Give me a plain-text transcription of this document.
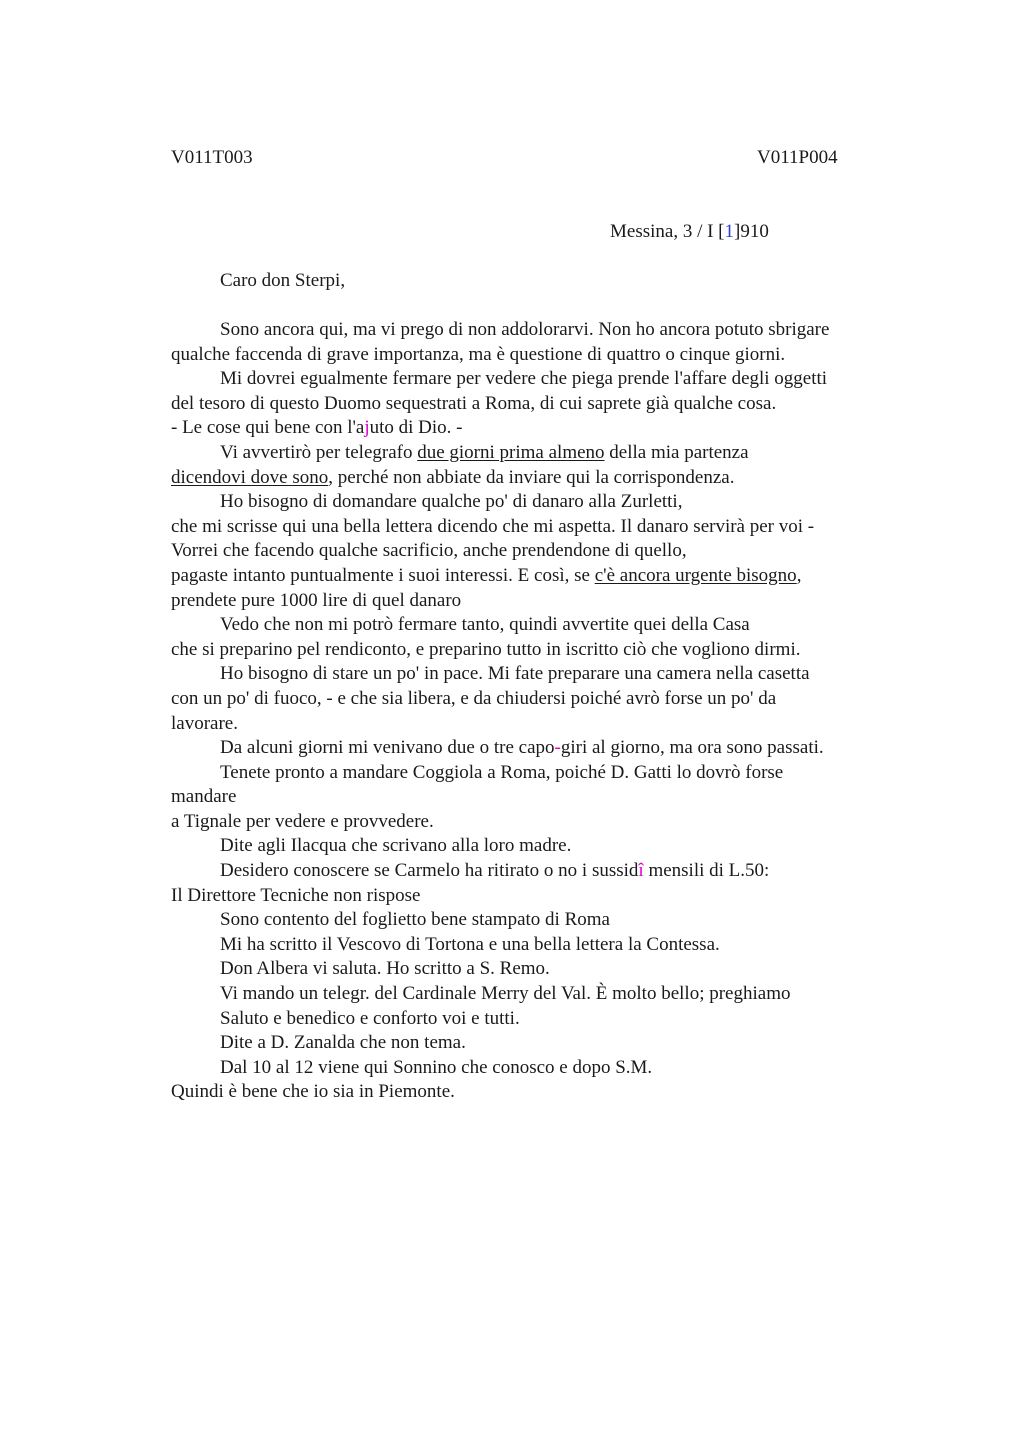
V011T003	V011P004
Messina, 3 / I [1]910
Caro don Sterpi,
Sono ancora qui, ma vi prego di non addolorarvi. Non ho ancora potuto sbrigare
qualche faccenda di grave importanza, ma è questione di quattro o cinque giorni.
Mi dovrei egualmente fermare per vedere che piega prende l'affare degli oggetti
del tesoro di questo Duomo sequestrati a Roma, di cui saprete già qualche cosa.
- Le cose qui bene con l'ajuto di Dio. -
Vi avvertirò per telegrafo due giorni prima almeno della mia partenza
dicendovi dove sono, perché non abbiate da inviare qui la corrispondenza.
Ho bisogno di domandare qualche po' di danaro alla Zurletti,
che mi scrisse qui una bella lettera dicendo che mi aspetta. Il danaro servirà per voi -
Vorrei che facendo qualche sacrificio, anche prendendone di quello,
pagaste intanto puntualmente i suoi interessi. E così, se c'è ancora urgente bisogno,
prendete pure 1000 lire di quel danaro
Vedo che non mi potrò fermare tanto, quindi avvertite quei della Casa
che si preparino pel rendiconto, e preparino tutto in iscritto ciò che vogliono dirmi.
Ho bisogno di stare un po' in pace. Mi fate preparare una camera nella casetta
con un po' di fuoco, - e che sia libera, e da chiudersi poiché avrò forse un po' da
lavorare.
Da alcuni giorni mi venivano due o tre capo-giri al giorno, ma ora sono passati.
Tenete pronto a mandare Coggiola a Roma, poiché D. Gatti lo dovrò forse
mandare
a Tignale per vedere e provvedere.
Dite agli Ilacqua che scrivano alla loro madre.
Desidero conoscere se Carmelo ha ritirato o no i sussidî mensili di L.50:
Il Direttore Tecniche non rispose
Sono contento del foglietto bene stampato di Roma
Mi ha scritto il Vescovo di Tortona e una bella lettera la Contessa.
Don Albera vi saluta. Ho scritto a S. Remo.
Vi mando un telegr. del Cardinale Merry del Val. È molto bello; preghiamo
Saluto e benedico e conforto voi e tutti.
Dite a D. Zanalda che non tema.
Dal 10 al 12 viene qui Sonnino che conosco e dopo S.M.
Quindi è bene che io sia in Piemonte.
